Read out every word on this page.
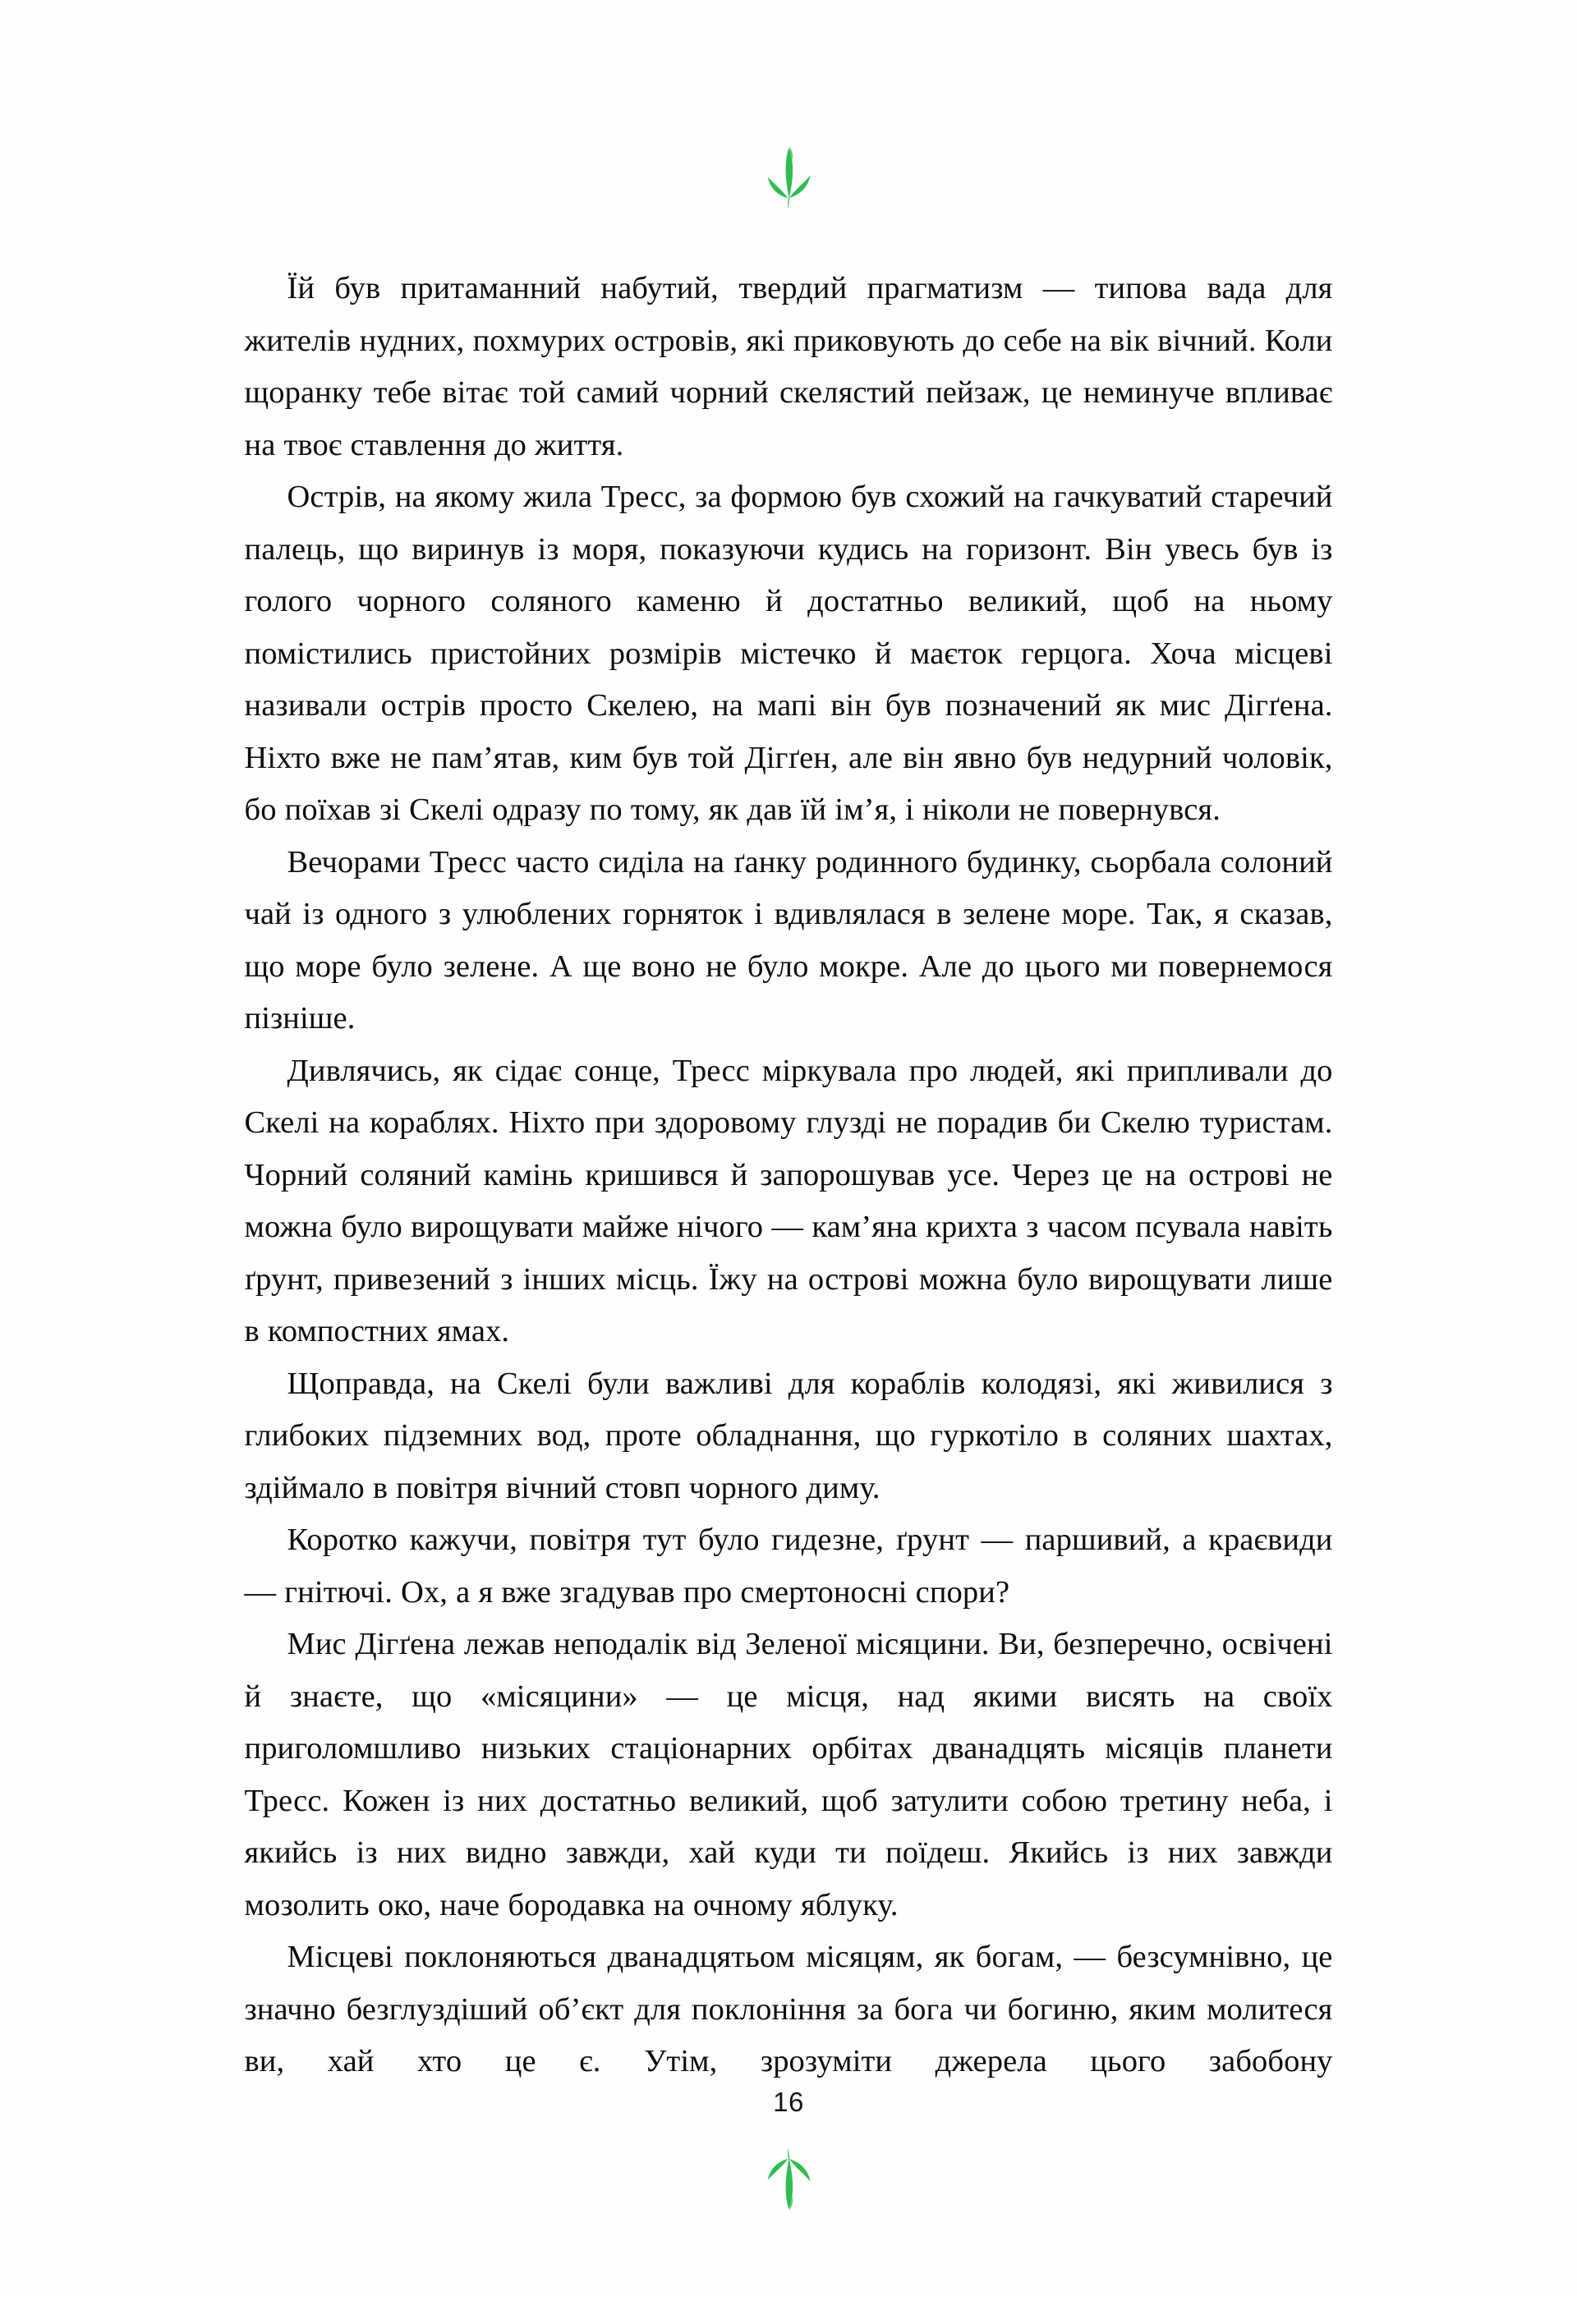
Їй був притаманний набутий, твердий прагматизм — типова вада для жителів нудних, похмурих островів, які приковують до себе на вік вічний. Коли щоранку тебе вітає той самий чорний скелястий пейзаж, це неминуче впливає на твоє ставлення до життя.

Острів, на якому жила Тресс, за формою був схожий на гачкуватий старечий палець, що виринув із моря, показуючи кудись на горизонт. Він увесь був із голого чорного соляного каменю й достатньо великий, щоб на ньому помістились пристойних розмірів містечко й маєток герцога. Хоча місцеві називали острів просто Скелею, на мапі він був позначений як мис Дігґена. Ніхто вже не пам’ятав, ким був той Дігґен, але він явно був недурний чоловік, бо поїхав зі Скелі одразу по тому, як дав їй ім’я, і ніколи не повернувся.

Вечорами Тресс часто сиділа на ґанку родинного будинку, сьорбала солоний чай із одного з улюблених горняток і вдивлялася в зелене море. Так, я сказав, що море було зелене. А ще воно не було мокре. Але до цього ми повернемося пізніше.

Дивлячись, як сідає сонце, Тресс міркувала про людей, які припливали до Скелі на кораблях. Ніхто при здоровому глузді не порадив би Скелю туристам. Чорний соляний камінь кришився й запорошував усе. Через це на острові не можна було вирощувати майже нічого — кам’яна крихта з часом псувала навіть ґрунт, привезений з інших місць. Їжу на острові можна було вирощувати лише в компостних ямах.

Щоправда, на Скелі були важливі для кораблів колодязі, які живилися з глибоких підземних вод, проте обладнання, що гуркотіло в соляних шахтах, здіймало в повітря вічний стовп чорного диму.

Коротко кажучи, повітря тут було гидезне, ґрунт — паршивий, а краєвиди — гнітючі. Ох, а я вже згадував про смертоносні спори?

Мис Дігґена лежав неподалік від Зеленої місяцини. Ви, безперечно, освічені й знаєте, що «місяцини» — це місця, над якими висять на своїх приголомшливо низьких стаціонарних орбітах дванадцять місяців планети Тресс. Кожен із них достатньо великий, щоб затулити собою третину неба, і якийсь із них видно завжди, хай куди ти поїдеш. Якийсь із них завжди мозолить око, наче бородавка на очному яблуку.

Місцеві поклоняються дванадцятьом місяцям, як богам, — безсумнівно, це значно безглуздіший об’єкт для поклоніння за бога чи богиню, яким молитеся ви, хай хто це є. Утім, зрозуміти джерела цього забобону

16
